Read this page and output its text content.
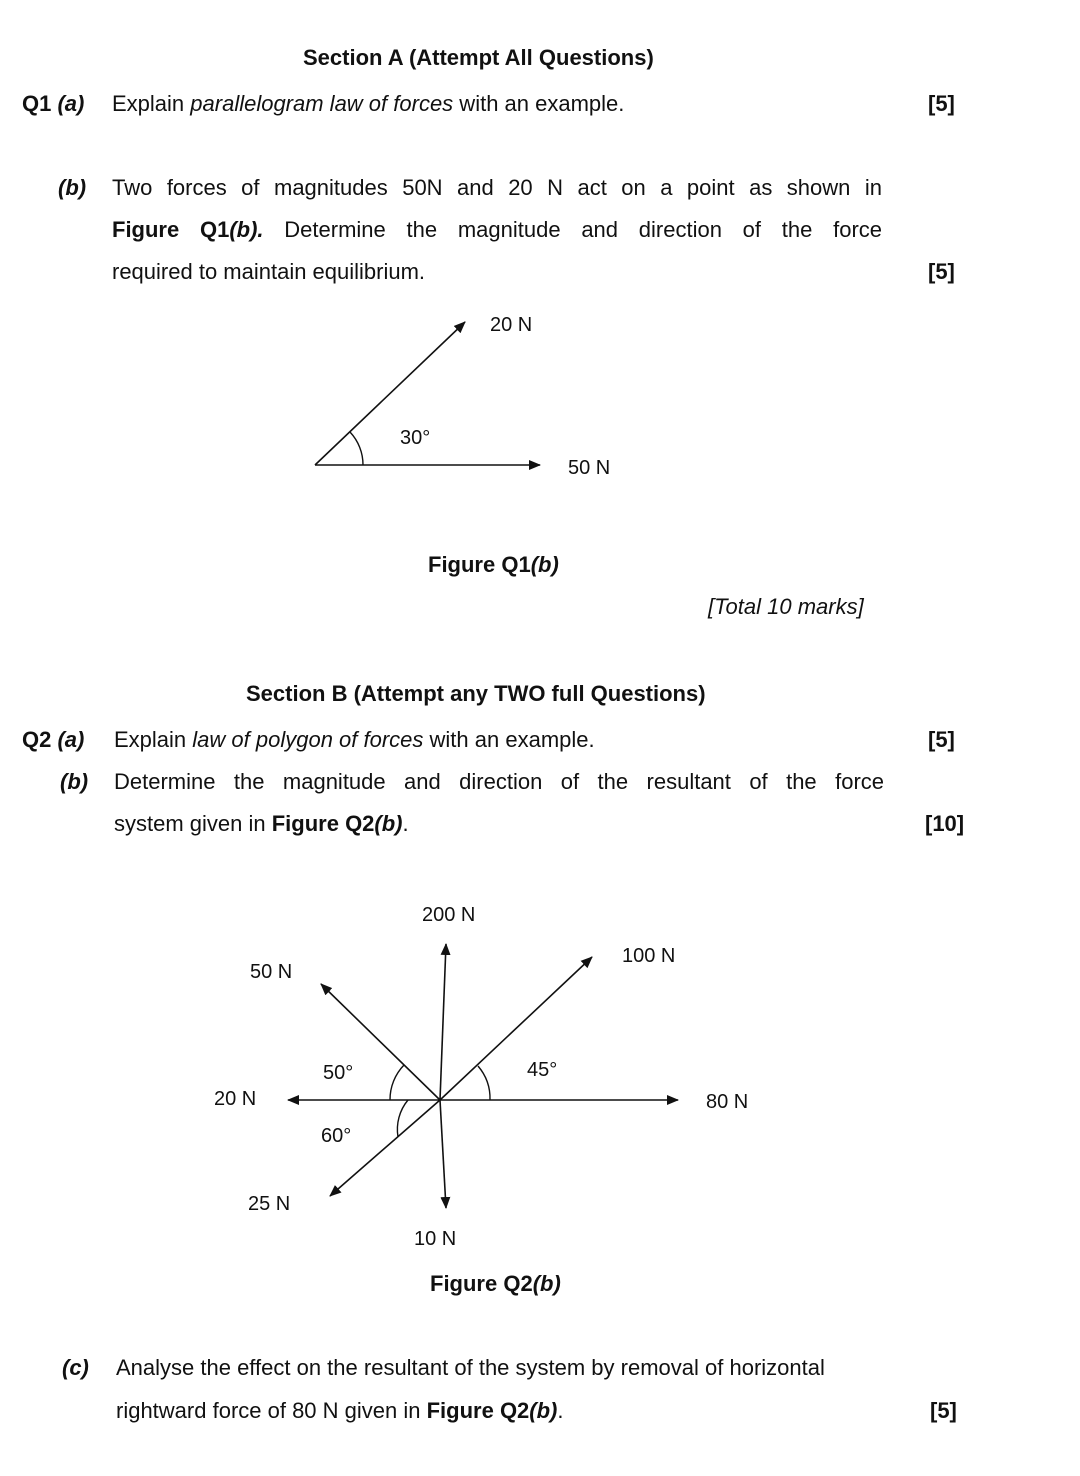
Section A (Attempt All Questions)
Q1 (a) Explain parallelogram law of forces with an example.	[5]
(b) Two forces of magnitudes 50N and 20 N act on a point as shown in
Figure Q1(b). Determine the magnitude and direction of the force
required to maintain equilibrium.	[5]
20 N
30°
50 N
200 N
100 N
50 N
20 N	80 N
25 N
10 N
50°	45°
60°
Figure Q1(b)
[Total 10 marks]
Section B (Attempt any TWO full Questions)
Q2 (a) Explain law of polygon of forces with an example.	[5]
(b) Determine the magnitude and direction of the resultant of the force
system given in Figure Q2(b).	[10]
Figure Q2(b)
(c) Analyse the effect on the resultant of the system by removal of horizontal
rightward force of 80 N given in Figure Q2(b).	[5]
